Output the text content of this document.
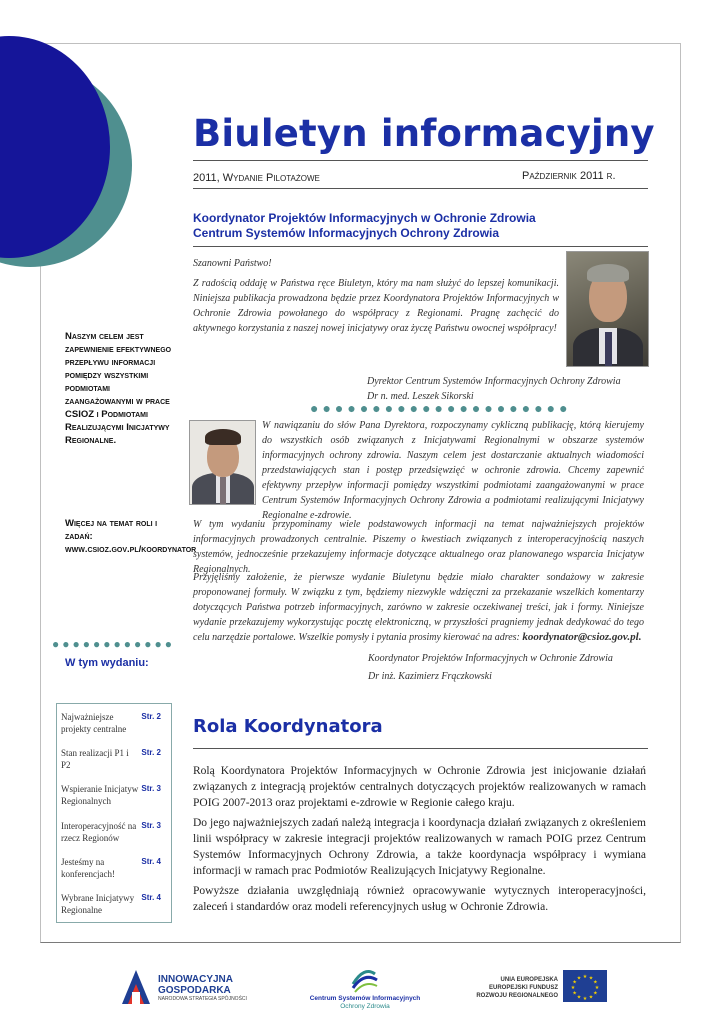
Biuletyn informacyjny
2011, Wydanie Pilotażowe	Październik 2011 r.
Koordynator Projektów Informacyjnych w Ochronie Zdrowia
Centrum Systemów Informacyjnych Ochrony Zdrowia
Szanowni Państwo!
Z radością oddaję w Państwa ręce Biuletyn, który ma nam służyć do lepszej komunikacji. Niniejsza publikacja prowadzona będzie przez Koordynatora Projektów Informacyjnych w Ochronie Zdrowia powołanego do współpracy z Regionami. Pragnę zachęcić do aktywnego korzystania z naszej nowej inicjatywy oraz życzę Państwu owocnej współpracy!
Dyrektor Centrum Systemów Informacyjnych Ochrony Zdrowia
Dr n. med. Leszek Sikorski
●●●●●●●●●●●●●●●●●●●●●
W nawiązaniu do słów Pana Dyrektora, rozpoczynamy cykliczną publikację, którą kierujemy do wszystkich osób związanych z Inicjatywami Regionalnymi w obszarze systemów informacyjnych ochrony zdrowia. Naszym celem jest dostarczanie aktualnych wiadomości przedstawiających stan i postęp przedsięwzięć w ochronie zdrowia. Chcemy zapewnić efektywny przepływ informacji pomiędzy wszystkimi podmiotami zaangażowanymi w prace Centrum Systemów Informacyjnych Ochrony Zdrowia a podmiotami realizującymi Inicjatywy Regionalne e-zdrowie.
W tym wydaniu przypominamy wiele podstawowych informacji na temat najważniejszych projektów informacyjnych prowadzonych centralnie. Piszemy o kwestiach związanych z interoperacyjnością naszych systemów, jednocześnie przekazujemy informacje dotyczące aktualnego oraz planowanego wsparcia Inicjatyw Regionalnych.
Przyjęliśmy założenie, że pierwsze wydanie Biuletynu będzie miało charakter sondażowy w zakresie proponowanej formuły. W związku z tym, będziemy niezwykle wdzięczni za przekazanie wszelkich komentarzy dotyczących Państwa potrzeb informacyjnych, zarówno w zakresie oczekiwanej treści, jak i formy. Niniejsze wydanie przekazujemy wykorzystując pocztę elektroniczną, w przyszłości pragniemy jednak dedykować do tego celu narzędzie portalowe. Wszelkie pomysły i pytania prosimy kierować na adres: koordynator@csioz.gov.pl.
Koordynator Projektów Informacyjnych w Ochronie Zdrowia
Dr inż. Kazimierz Frączkowski
Naszym celem jest zapewnienie efektywnego przepływu informacji pomiędzy wszystkimi podmiotami zaangażowanymi w prace CSIOZ i Podmiotami Realizującymi Inicjatywy Regionalne.
Więcej na temat roli i zadań: www.csioz.gov.pl/koordynator
●●●●●●●●●●●●
W tym wydaniu:
Najważniejsze projekty centralne
Str. 2
Stan realizacji P1 i P2
Str. 2
Wspieranie Inicjatyw Regionalnych
Str. 3
Interoperacyjność na rzecz Regionów
Str. 3
Jesteśmy na konferencjach!
Str. 4
Wybrane Inicjatywy Regionalne
Str. 4
Rola Koordynatora
Rolą Koordynatora Projektów Informacyjnych w Ochronie Zdrowia jest inicjowanie działań związanych z integracją projektów centralnych dotyczących projektów realizowanych w ramach POIG 2007-2013 oraz projektami e-zdrowie w Regionie całego kraju.
Do jego najważniejszych zadań należą integracja i koordynacja działań związanych z określeniem linii współpracy w zakresie integracji projektów realizowanych w ramach POIG przez Centrum Systemów Informacyjnych Ochrony Zdrowia, a także koordynacja współpracy i wymiana informacji w ramach prac Podmiotów Realizujących Inicjatywy Regionalne.
Powyższe działania uwzględniają również opracowywanie wytycznych interoperacyjności, zaleceń i standardów oraz modeli referencyjnych usług w Ochronie Zdrowia.
INNOWACYJNA
GOSPODARKA
NARODOWA STRATEGIA SPÓJNOŚCI	Centrum Systemów Informacyjnych
Ochrony Zdrowia
UNIA EUROPEJSKA
EUROPEJSKI FUNDUSZ
ROZWOJU REGIONALNEGO
★ ★
★
★
★
★
★
★
★
★
★
★
